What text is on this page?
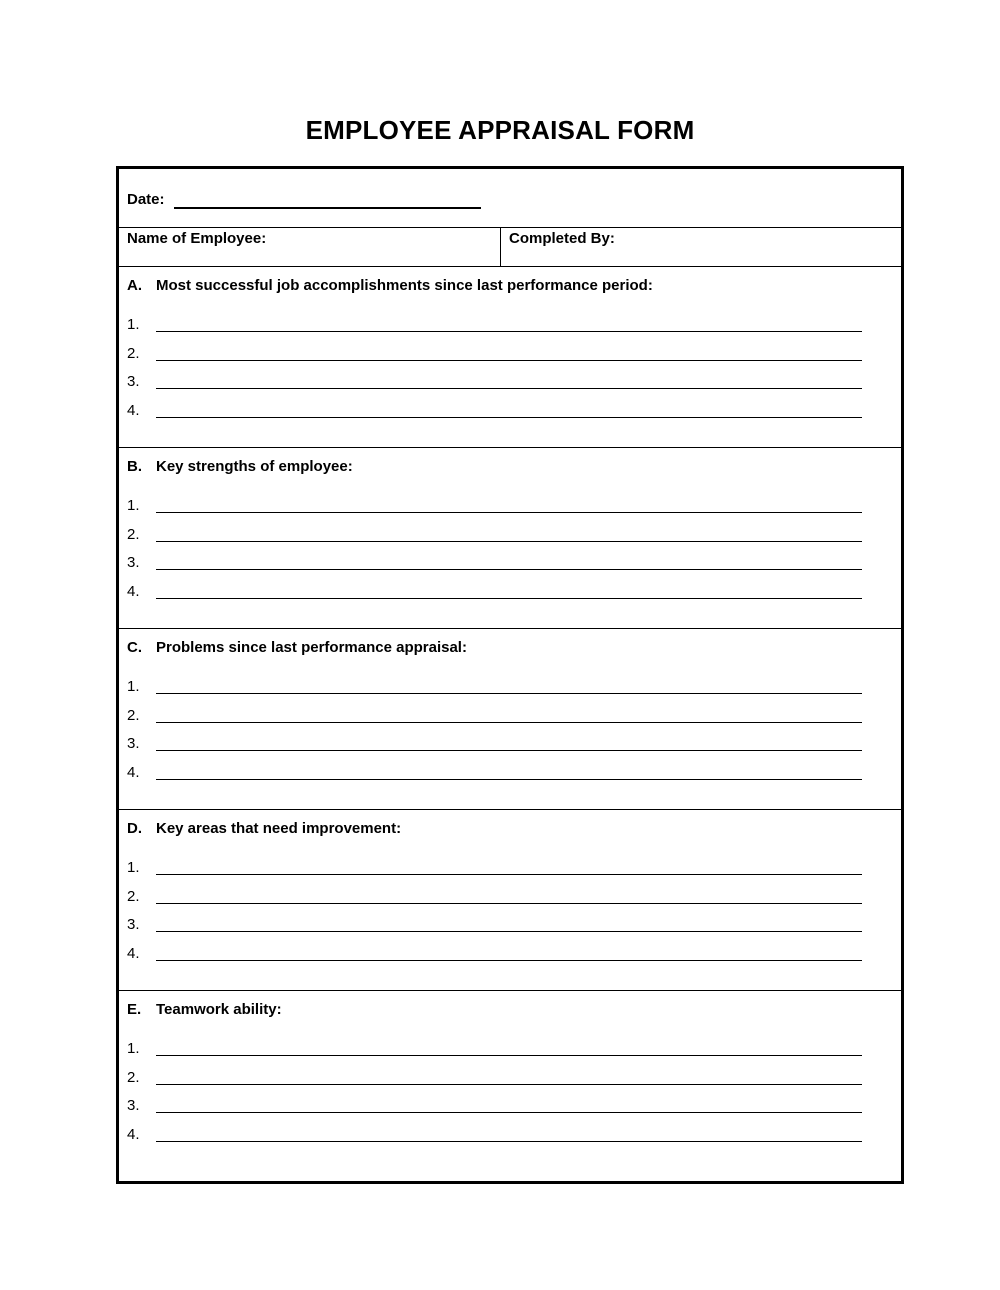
EMPLOYEE APPRAISAL FORM
Date:
Name of Employee:	Completed By:
A. Most successful job accomplishments since last performance period:
1.
2.
3.
4.
B. Key strengths of employee:
1.
2.
3.
4.
C. Problems since last performance appraisal:
1.
2.
3.
4.
D. Key areas that need improvement:
1.
2.
3.
4.
E. Teamwork ability:
1.
2.
3.
4.
